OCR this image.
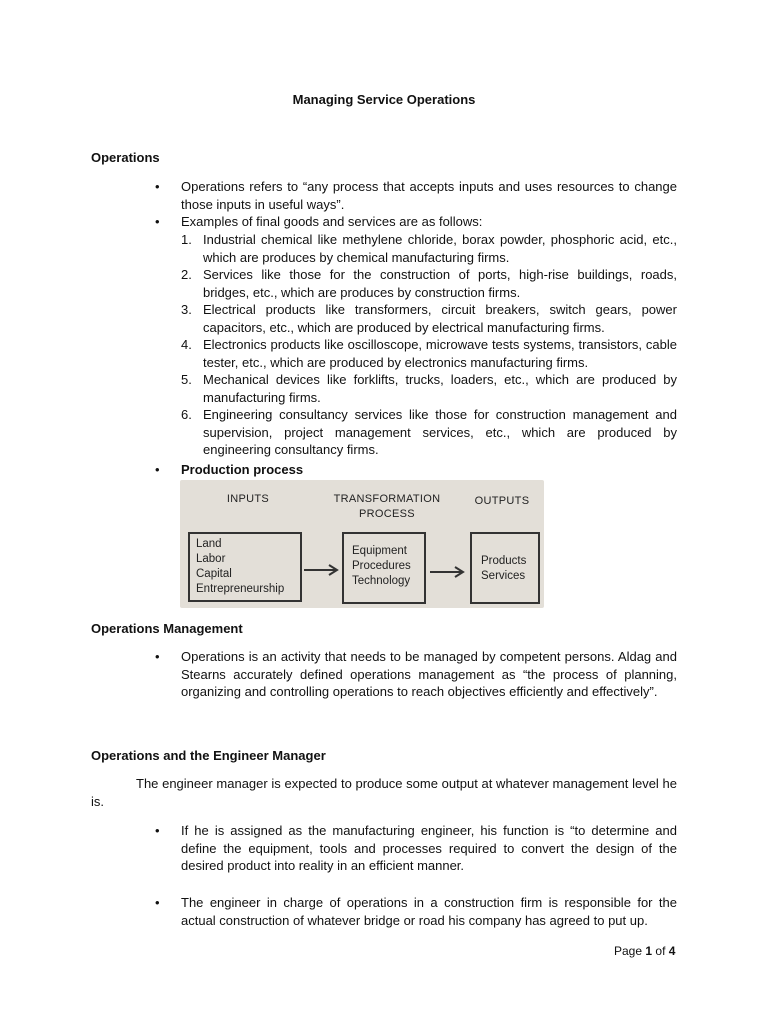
Managing Service Operations
Operations
• Operations refers to “any process that accepts inputs and uses resources to change those inputs in useful ways”.
• Examples of final goods and services are as follows:
1. Industrial chemical like methylene chloride, borax powder, phosphoric acid, etc., which are produces by chemical manufacturing firms.
2. Services like those for the construction of ports, high-rise buildings, roads, bridges, etc., which are produces by construction firms.
3. Electrical products like transformers, circuit breakers, switch gears, power capacitors, etc., which are produced by electrical manufacturing firms.
4. Electronics products like oscilloscope, microwave tests systems, transistors, cable tester, etc., which are produced by electronics manufacturing firms.
5. Mechanical devices like forklifts, trucks, loaders, etc., which are produced by manufacturing firms.
6. Engineering consultancy services like those for construction management and supervision, project management services, etc., which are produced by engineering consultancy firms.
• Production process
INPUTS	TRANSFORMATION
PROCESS
OUTPUTS
Land
Labor
Capital
Entrepreneurship
Equipment
Procedures
Technology
Products
Services
Operations Management
• Operations is an activity that needs to be managed by competent persons. Aldag and Stearns accurately defined operations management as “the process of planning, organizing and controlling operations to reach objectives efficiently and effectively”.
Operations and the Engineer Manager
The engineer manager is expected to produce some output at whatever management level he is.
• If he is assigned as the manufacturing engineer, his function is “to determine and define the equipment, tools and processes required to convert the design of the desired product into reality in an efficient manner.
• The engineer in charge of operations in a construction firm is responsible for the actual construction of whatever bridge or road his company has agreed to put up.
Page 1 of 4
